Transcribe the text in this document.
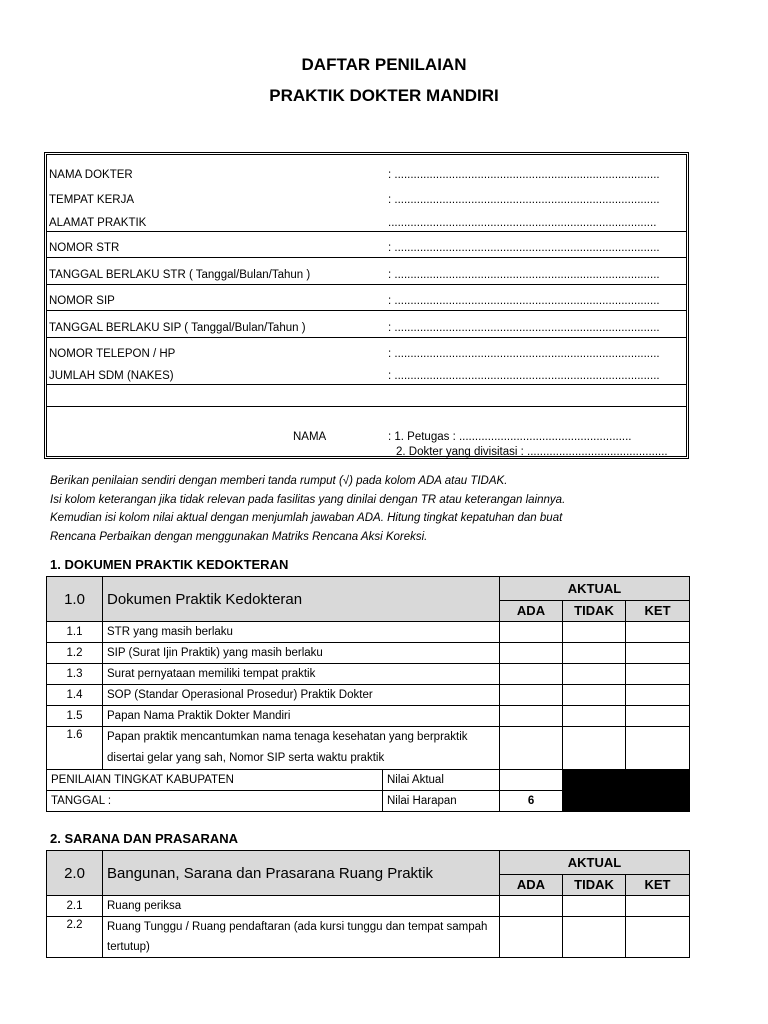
DAFTAR PENILAIAN
PRAKTIK DOKTER MANDIRI
NAMA DOKTER	: ...................................................................................
TEMPAT KERJA	: ...................................................................................
ALAMAT PRAKTIK	....................................................................................
NOMOR STR	: ...................................................................................
TANGGAL BERLAKU STR ( Tanggal/Bulan/Tahun )	: ...................................................................................
NOMOR SIP	: ...................................................................................
TANGGAL BERLAKU SIP ( Tanggal/Bulan/Tahun )	: ...................................................................................
NOMOR TELEPON / HP	: ...................................................................................
JUMLAH SDM (NAKES)	: ...................................................................................
NAMA	: 1. Petugas : ......................................................
2. Dokter yang divisitasi : ............................................
Berikan penilaian sendiri dengan memberi tanda rumput (√) pada kolom ADA atau TIDAK.
Isi kolom keterangan jika tidak relevan pada fasilitas yang dinilai dengan TR atau keterangan lainnya.
Kemudian isi kolom nilai aktual dengan menjumlah jawaban ADA. Hitung tingkat kepatuhan dan buat
Rencana Perbaikan dengan menggunakan Matriks Rencana Aksi Koreksi.
1. DOKUMEN PRAKTIK KEDOKTERAN
1.0	Dokumen Praktik Kedokteran		AKTUAL		
			ADA	TIDAK	KET
1.1	STR yang masih berlaku				
1.2	SIP (Surat Ijin Praktik) yang masih berlaku				
1.3	Surat pernyataan memiliki tempat praktik				
1.4	SOP (Standar Operasional Prosedur) Praktik Dokter				
1.5	Papan Nama Praktik Dokter Mandiri				
1.6	Papan praktik mencantumkan nama tenaga kesehatan yang berpraktik disertai gelar yang sah, Nomor SIP serta waktu praktik				
PENILAIAN TINGKAT KABUPATEN		Nilai Aktual			
TANGGAL :		Nilai Harapan	6		
2. SARANA DAN PRASARANA
2.0	Bangunan, Sarana dan Prasarana Ruang Praktik	AKTUAL		
		ADA	TIDAK	KET
2.1	Ruang periksa			
2.2	Ruang Tunggu / Ruang pendaftaran (ada kursi tunggu dan tempat sampah tertutup)			
